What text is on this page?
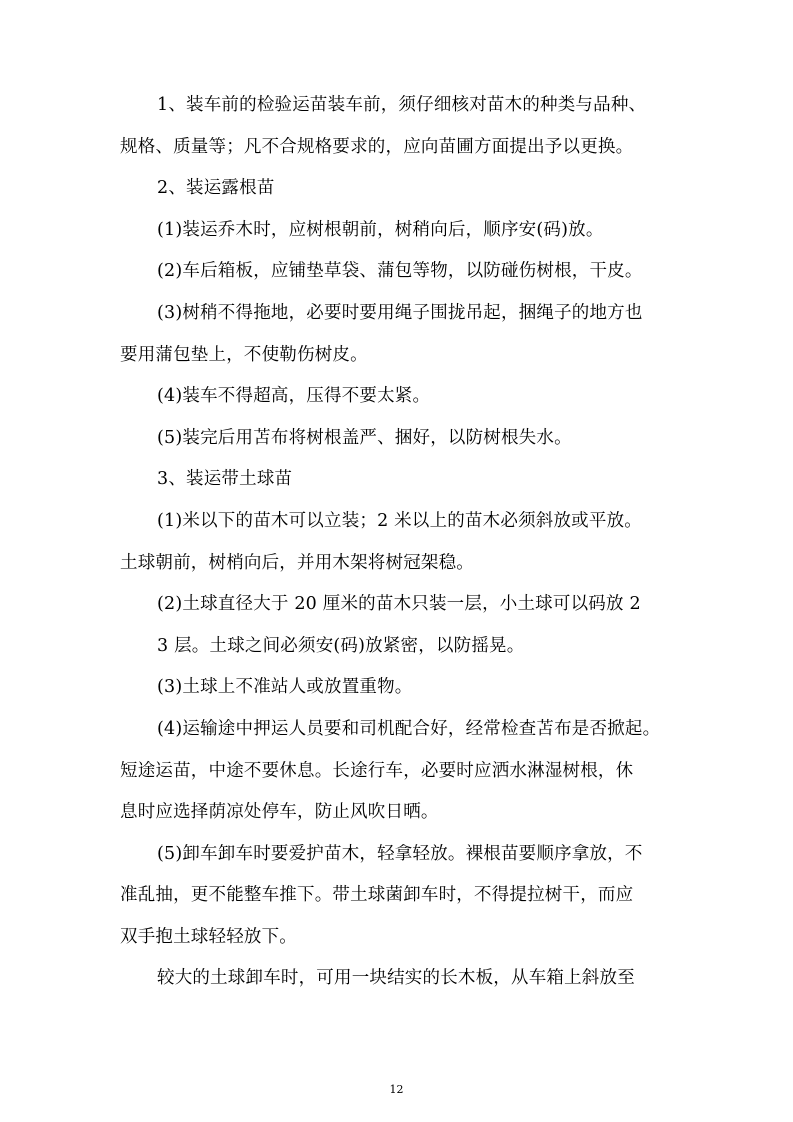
1、装车前的检验运苗装车前，须仔细核对苗木的种类与品种、
规格、质量等；凡不合规格要求的，应向苗圃方面提出予以更换。
2、装运露根苗
(1)装运乔木时，应树根朝前，树稍向后，顺序安(码)放。
(2)车后箱板，应铺垫草袋、蒲包等物，以防碰伤树根，干皮。
(3)树稍不得拖地，必要时要用绳子围拢吊起，捆绳子的地方也
要用蒲包垫上，不使勒伤树皮。
(4)装车不得超高，压得不要太紧。
(5)装完后用苫布将树根盖严、捆好，以防树根失水。
3、装运带土球苗
(1)米以下的苗木可以立装；2 米以上的苗木必须斜放或平放。
土球朝前，树梢向后，并用木架将树冠架稳。
(2)土球直径大于 20 厘米的苗木只装一层，小土球可以码放 2
3 层。土球之间必须安(码)放紧密，以防摇晃。
(3)土球上不准站人或放置重物。
(4)运输途中押运人员要和司机配合好，经常检查苫布是否掀起。
短途运苗，中途不要休息。长途行车，必要时应洒水淋湿树根，休
息时应选择荫凉处停车，防止风吹日晒。
(5)卸车卸车时要爱护苗木，轻拿轻放。裸根苗要顺序拿放，不
准乱抽，更不能整车推下。带土球菌卸车时，不得提拉树干，而应
双手抱土球轻轻放下。
较大的土球卸车时，可用一块结实的长木板，从车箱上斜放至
12
